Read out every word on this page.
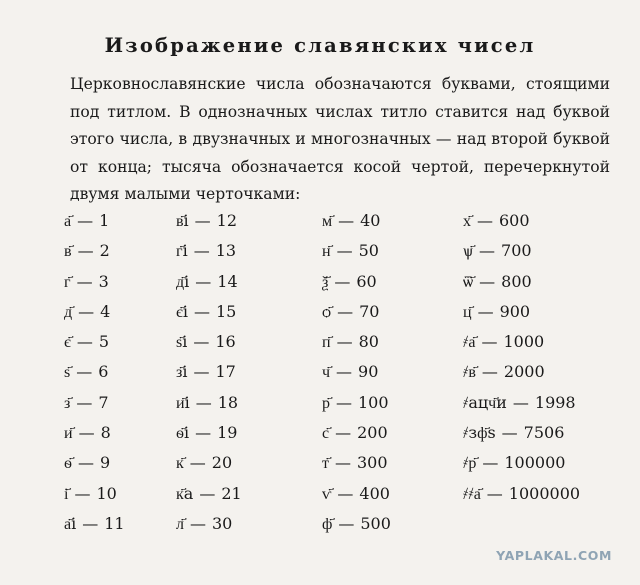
Изображение славянских чисел

Церковнославянские числа обозначаются буквами, стоящими под титлом. В однозначных числах титло ставится над буквой этого числа, в двузначных и многозначных — над второй буквой от конца; тысяча обозначается косой чертой, перечеркнутой двумя малыми черточками:

а҃ — 1
в҃ — 2
г҃ — 3
д҃ — 4
є҃ — 5
ѕ҃ — 6
з҃ — 7
и҃ — 8
ѳ҃ — 9
і҃ — 10
а҃і — 11
в҃і — 12
г҃і — 13
д҃і — 14
є҃і — 15
ѕ҃і — 16
з҃і — 17
и҃і — 18
ѳ҃і — 19
к҃ — 20
к҃а — 21
л҃ — 30
м҃ — 40
н҃ — 50
ѯ҃ — 60
ѻ҃ — 70
п҃ — 80
ч҃ — 90
р҃ — 100
с҃ — 200
т҃ — 300
ѵ҃ — 400
ф҃ — 500
х҃ — 600
ѱ҃ — 700
ѿ҃ — 800
ц҃ — 900
҂а҃ — 1000
҂в҃ — 2000
҂ацч҃и — 1998
҂зф҃ѕ — 7506
҂р҃ — 100000
҂҂а҃ — 1000000
YAPLAKAL.COM
